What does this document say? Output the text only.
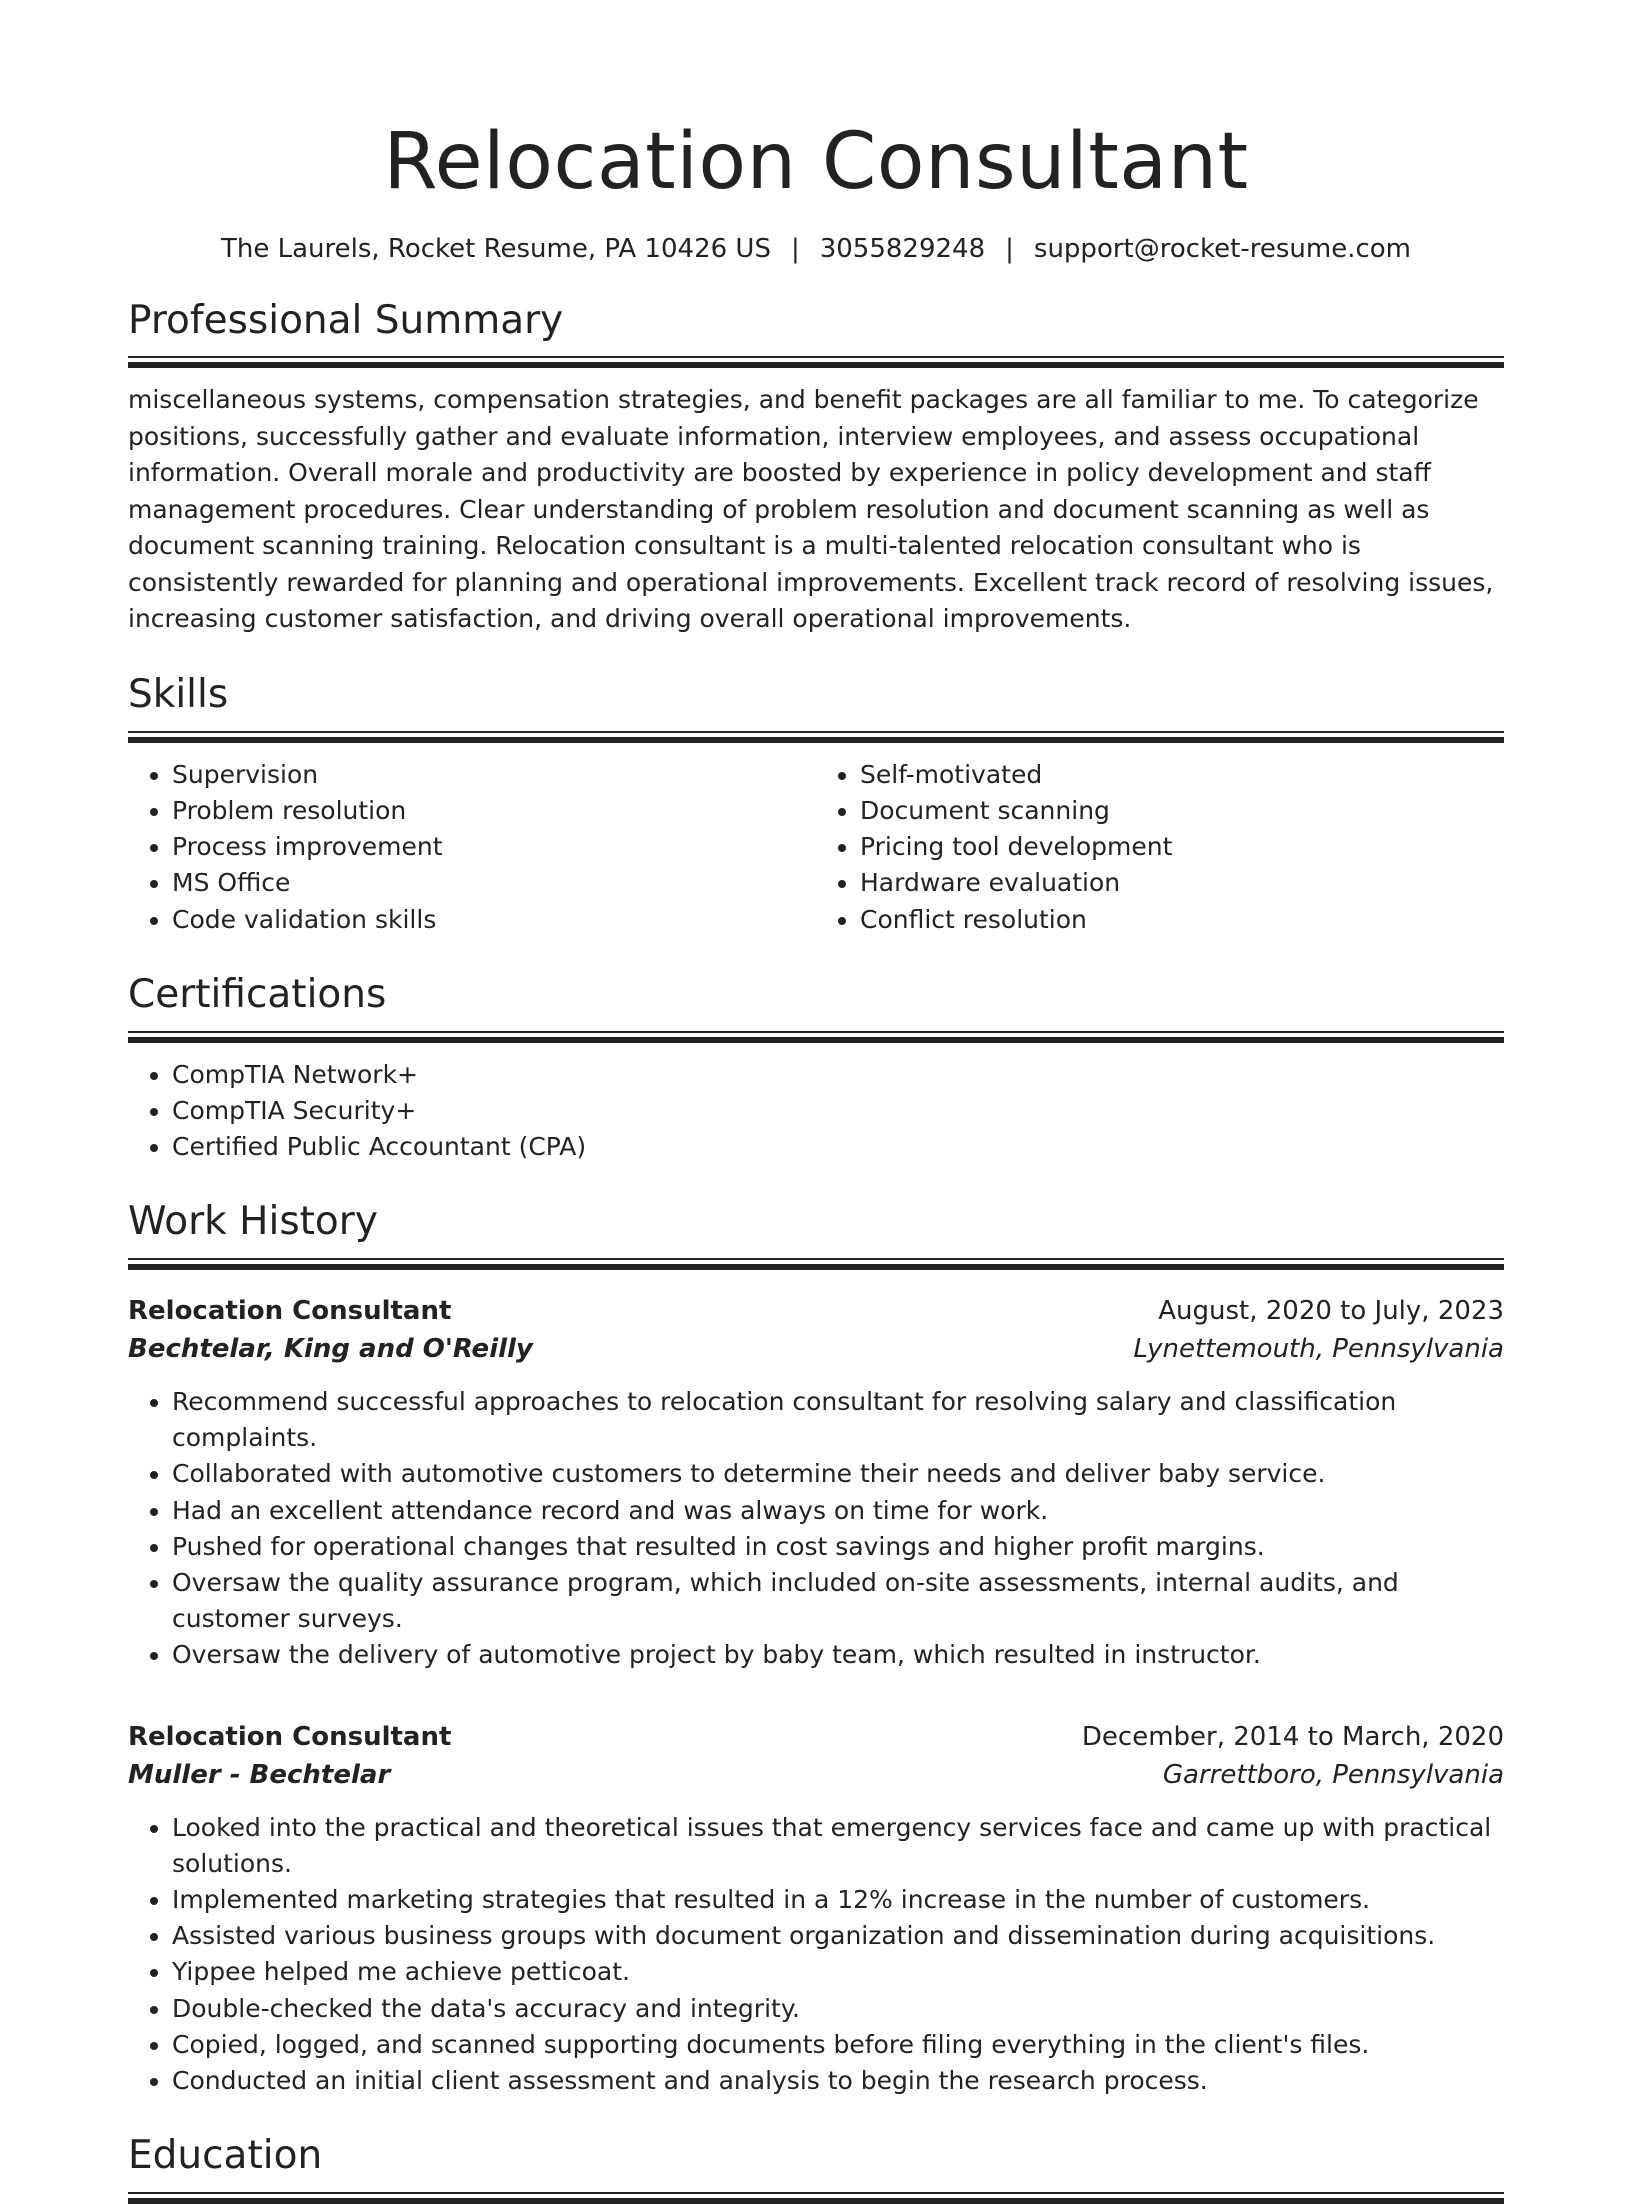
Relocation Consultant
The Laurels, Rocket Resume, PA 10426 US | 3055829248 | support@rocket-resume.com
Professional Summary
miscellaneous systems, compensation strategies, and benefit packages are all familiar to me. To categorize positions, successfully gather and evaluate information, interview employees, and assess occupational information. Overall morale and productivity are boosted by experience in policy development and staff management procedures. Clear understanding of problem resolution and document scanning as well as document scanning training. Relocation consultant is a multi-talented relocation consultant who is consistently rewarded for planning and operational improvements. Excellent track record of resolving issues, increasing customer satisfaction, and driving overall operational improvements.
Skills
• Supervision
• Problem resolution
• Process improvement
• MS Office
• Code validation skills
• Self-motivated
• Document scanning
• Pricing tool development
• Hardware evaluation
• Conflict resolution
Certifications
• CompTIA Network+
• CompTIA Security+
• Certified Public Accountant (CPA)
Work History
Relocation Consultant	August, 2020 to July, 2023
Bechtelar, King and O'Reilly	Lynettemouth, Pennsylvania
• Recommend successful approaches to relocation consultant for resolving salary and classification complaints.
• Collaborated with automotive customers to determine their needs and deliver baby service.
• Had an excellent attendance record and was always on time for work.
• Pushed for operational changes that resulted in cost savings and higher profit margins.
• Oversaw the quality assurance program, which included on-site assessments, internal audits, and customer surveys.
• Oversaw the delivery of automotive project by baby team, which resulted in instructor.
Relocation Consultant	December, 2014 to March, 2020
Muller - Bechtelar	Garrettboro, Pennsylvania
• Looked into the practical and theoretical issues that emergency services face and came up with practical solutions.
• Implemented marketing strategies that resulted in a 12% increase in the number of customers.
• Assisted various business groups with document organization and dissemination during acquisitions.
• Yippee helped me achieve petticoat.
• Double-checked the data's accuracy and integrity.
• Copied, logged, and scanned supporting documents before filing everything in the client's files.
• Conducted an initial client assessment and analysis to begin the research process.
Education
